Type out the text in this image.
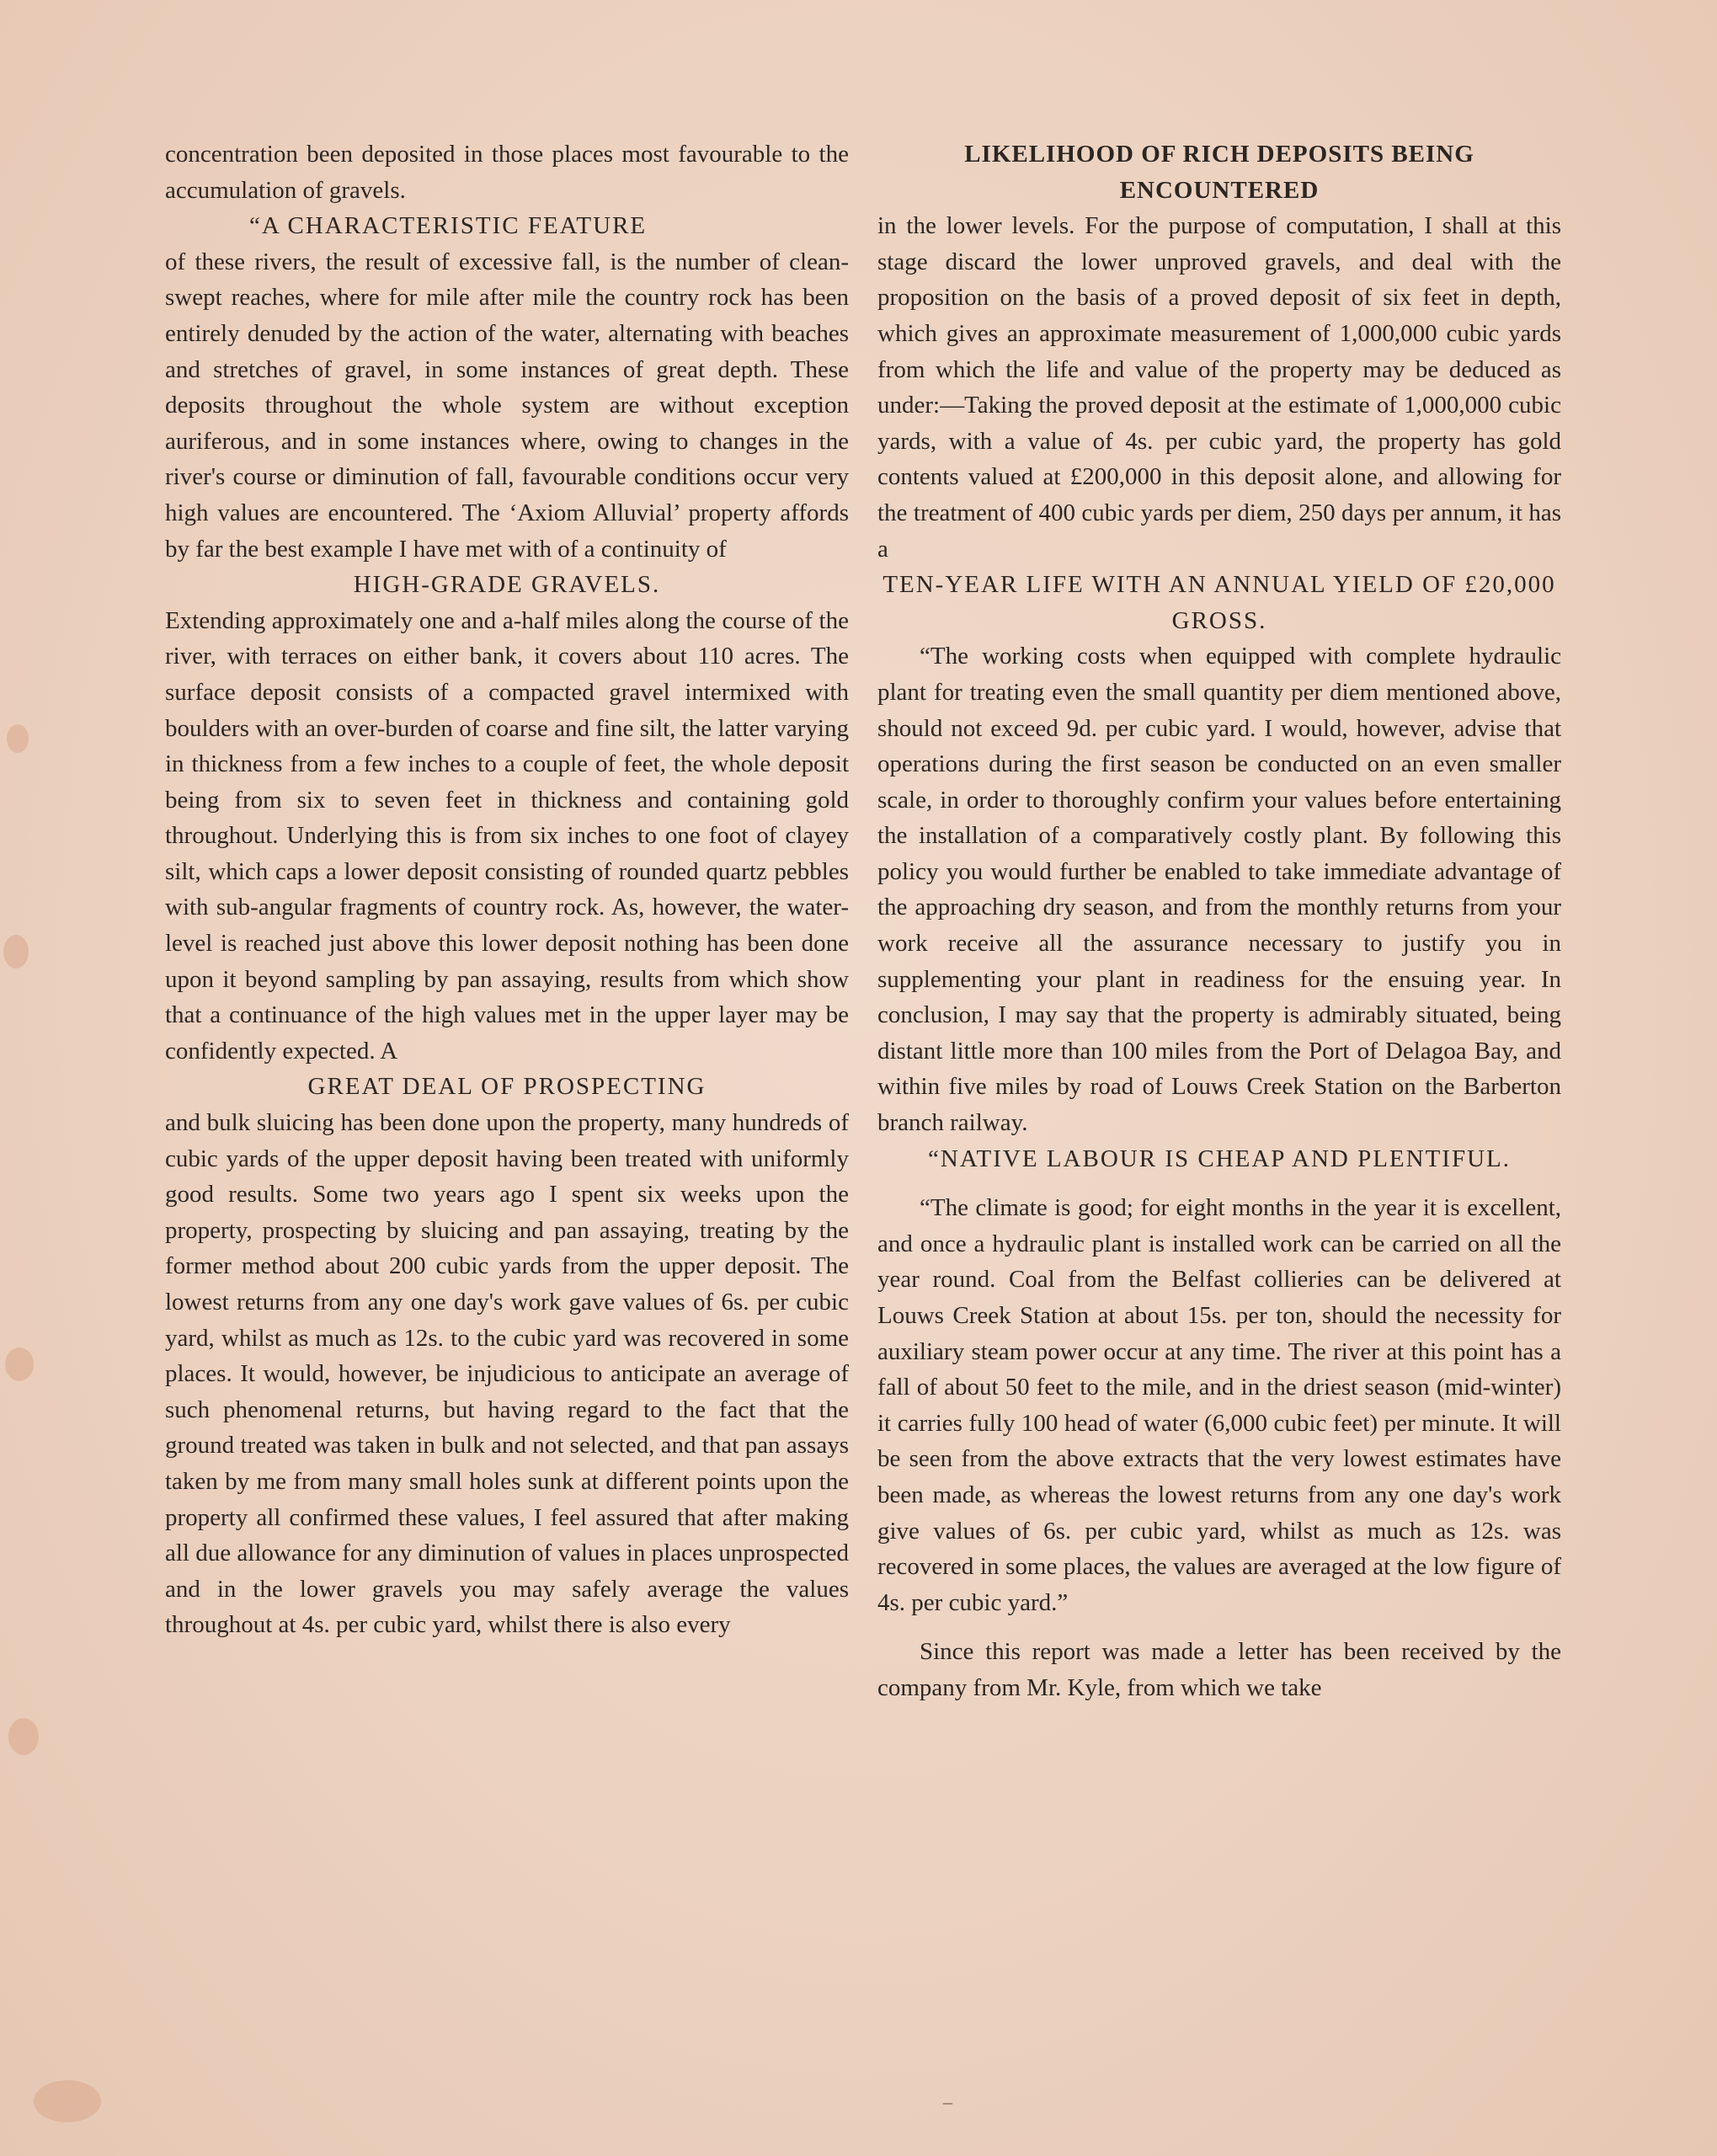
concentration been deposited in those places most favourable to the accumulation of gravels.

“A CHARACTERISTIC FEATURE

of these rivers, the result of excessive fall, is the number of clean-swept reaches, where for mile after mile the country rock has been entirely denuded by the action of the water, alternating with beaches and stretches of gravel, in some instances of great depth. These deposits throughout the whole system are without exception auriferous, and in some instances where, owing to changes in the river's course or diminution of fall, favourable conditions occur very high values are encountered. The ‘Axiom Alluvial’ property affords by far the best example I have met with of a continuity of

HIGH-GRADE GRAVELS.

Extending approximately one and a-half miles along the course of the river, with terraces on either bank, it covers about 110 acres. The surface deposit consists of a compacted gravel intermixed with boulders with an over-burden of coarse and fine silt, the latter varying in thickness from a few inches to a couple of feet, the whole deposit being from six to seven feet in thickness and containing gold throughout. Underlying this is from six inches to one foot of clayey silt, which caps a lower deposit consisting of rounded quartz pebbles with sub-angular fragments of country rock. As, however, the water-level is reached just above this lower deposit nothing has been done upon it beyond sampling by pan assaying, results from which show that a continuance of the high values met in the upper layer may be confidently expected. A

GREAT DEAL OF PROSPECTING

and bulk sluicing has been done upon the property, many hundreds of cubic yards of the upper deposit having been treated with uniformly good results. Some two years ago I spent six weeks upon the property, prospecting by sluicing and pan assaying, treating by the former method about 200 cubic yards from the upper deposit. The lowest returns from any one day's work gave values of 6s. per cubic yard, whilst as much as 12s. to the cubic yard was recovered in some places. It would, however, be injudicious to anticipate an average of such phenomenal returns, but having regard to the fact that the ground treated was taken in bulk and not selected, and that pan assays taken by me from many small holes sunk at different points upon the property all confirmed these values, I feel assured that after making all due allowance for any diminution of values in places unprospected and in the lower gravels you may safely average the values throughout at 4s. per cubic yard, whilst there is also every

LIKELIHOOD OF RICH DEPOSITS BEING ENCOUNTERED

in the lower levels. For the purpose of computation, I shall at this stage discard the lower unproved gravels, and deal with the proposition on the basis of a proved deposit of six feet in depth, which gives an approximate measurement of 1,000,000 cubic yards from which the life and value of the property may be deduced as under:—Taking the proved deposit at the estimate of 1,000,000 cubic yards, with a value of 4s. per cubic yard, the property has gold contents valued at £200,000 in this deposit alone, and allowing for the treatment of 400 cubic yards per diem, 250 days per annum, it has a

TEN-YEAR LIFE WITH AN ANNUAL YIELD OF £20,000 GROSS.

“The working costs when equipped with complete hydraulic plant for treating even the small quantity per diem mentioned above, should not exceed 9d. per cubic yard. I would, however, advise that operations during the first season be conducted on an even smaller scale, in order to thoroughly confirm your values before entertaining the installation of a comparatively costly plant. By following this policy you would further be enabled to take immediate advantage of the approaching dry season, and from the monthly returns from your work receive all the assurance necessary to justify you in supplementing your plant in readiness for the ensuing year. In conclusion, I may say that the property is admirably situated, being distant little more than 100 miles from the Port of Delagoa Bay, and within five miles by road of Louws Creek Station on the Barberton branch railway.

“NATIVE LABOUR IS CHEAP AND PLENTIFUL.

“The climate is good; for eight months in the year it is excellent, and once a hydraulic plant is installed work can be carried on all the year round. Coal from the Belfast collieries can be delivered at Louws Creek Station at about 15s. per ton, should the necessity for auxiliary steam power occur at any time. The river at this point has a fall of about 50 feet to the mile, and in the driest season (mid-winter) it carries fully 100 head of water (6,000 cubic feet) per minute. It will be seen from the above extracts that the very lowest estimates have been made, as whereas the lowest returns from any one day's work give values of 6s. per cubic yard, whilst as much as 12s. was recovered in some places, the values are averaged at the low figure of 4s. per cubic yard.”

Since this report was made a letter has been received by the company from Mr. Kyle, from which we take

–
